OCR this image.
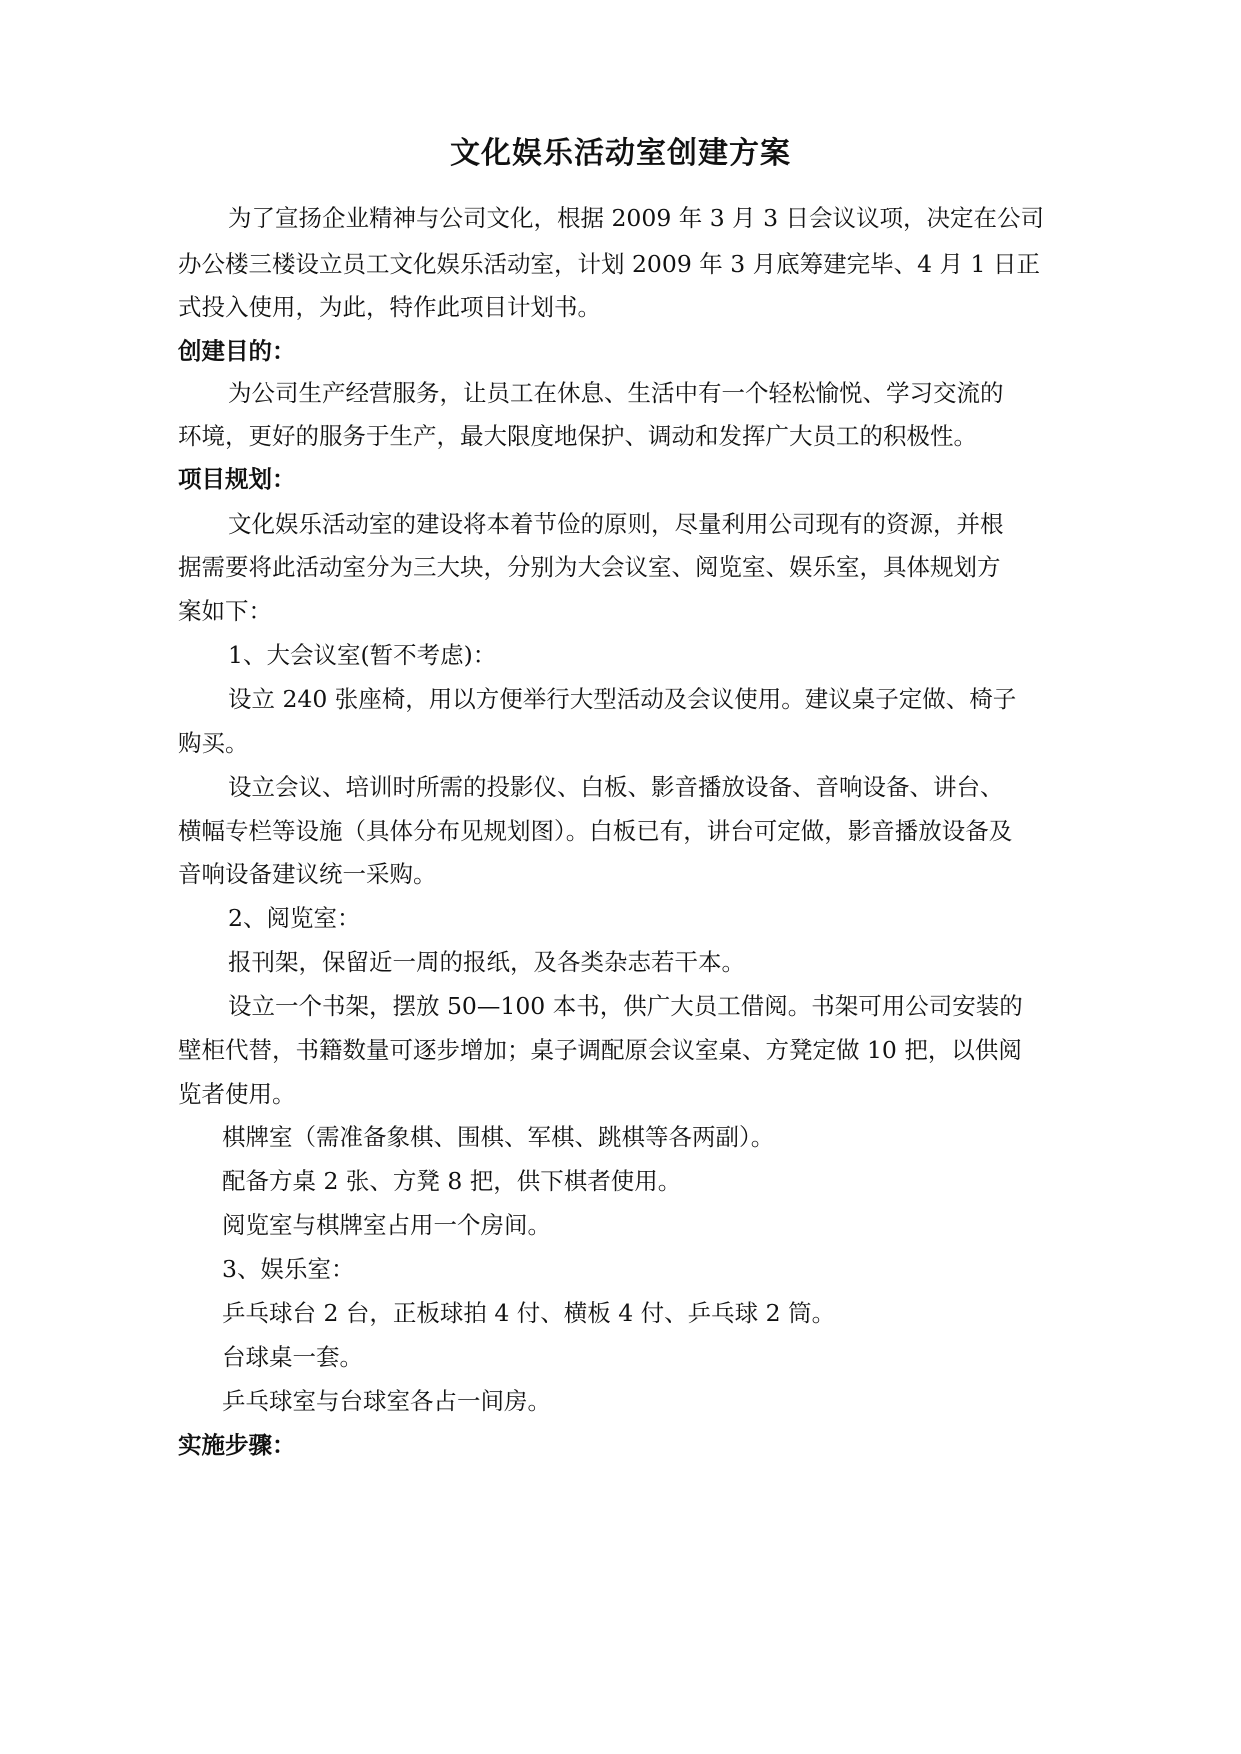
文化娱乐活动室创建方案

为了宣扬企业精神与公司文化，根据 2009 年 3 月 3 日会议议项，决定在公司

办公楼三楼设立员工文化娱乐活动室，计划 2009 年 3 月底筹建完毕、4 月 1 日正

式投入使用，为此，特作此项目计划书。

创建目的：

为公司生产经营服务，让员工在休息、生活中有一个轻松愉悦、学习交流的

环境，更好的服务于生产，最大限度地保护、调动和发挥广大员工的积极性。

项目规划：

文化娱乐活动室的建设将本着节俭的原则，尽量利用公司现有的资源，并根

据需要将此活动室分为三大块，分别为大会议室、阅览室、娱乐室，具体规划方

案如下：

1、大会议室(暂不考虑)：

设立 240 张座椅，用以方便举行大型活动及会议使用。建议桌子定做、椅子

购买。

设立会议、培训时所需的投影仪、白板、影音播放设备、音响设备、讲台、

横幅专栏等设施（具体分布见规划图）。白板已有，讲台可定做，影音播放设备及

音响设备建议统一采购。

2、阅览室：

报刊架，保留近一周的报纸，及各类杂志若干本。

设立一个书架，摆放 50—100 本书，供广大员工借阅。书架可用公司安装的

壁柜代替，书籍数量可逐步增加；桌子调配原会议室桌、方凳定做 10 把，以供阅

览者使用。

棋牌室（需准备象棋、围棋、军棋、跳棋等各两副）。

配备方桌 2 张、方凳 8 把，供下棋者使用。

阅览室与棋牌室占用一个房间。

3、娱乐室：

乒乓球台 2 台，正板球拍 4 付、横板 4 付、乒乓球 2 筒。

台球桌一套。

乒乓球室与台球室各占一间房。

实施步骤：
